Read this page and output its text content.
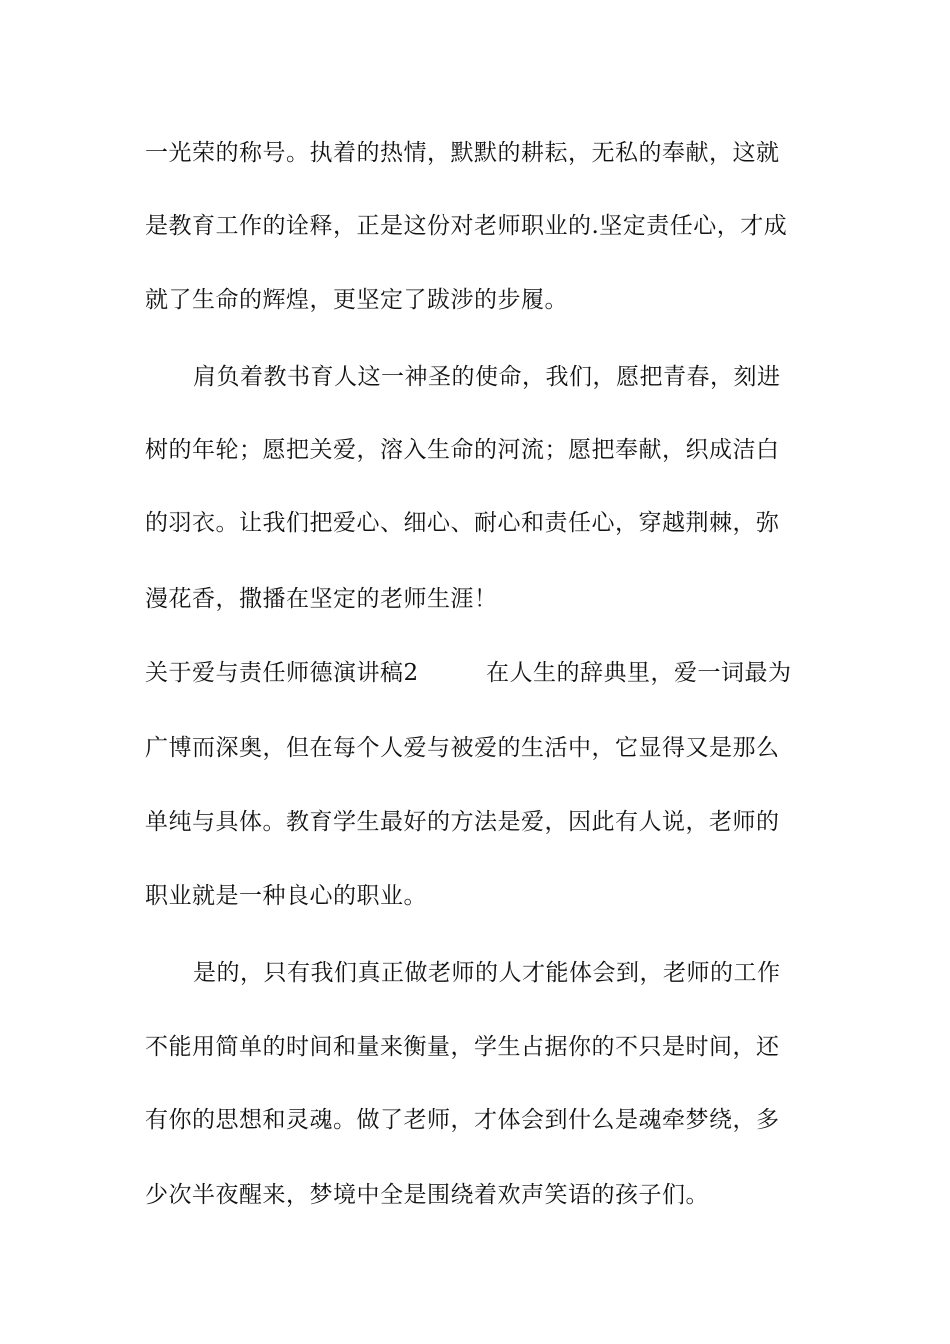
一光荣的称号。执着的热情，默默的耕耘，无私的奉献，这就
是教育工作的诠释，正是这份对老师职业的.坚定责任心，才成
就了生命的辉煌，更坚定了跋涉的步履。
肩负着教书育人这一神圣的使命，我们，愿把青春，刻进
树的年轮；愿把关爱，溶入生命的河流；愿把奉献，织成洁白
的羽衣。让我们把爱心、细心、耐心和责任心，穿越荆棘，弥
漫花香，撒播在坚定的老师生涯！
关于爱与责任师德演讲稿2	在人生的辞典里，爱一词最为
广博而深奥，但在每个人爱与被爱的生活中，它显得又是那么
单纯与具体。教育学生最好的方法是爱，因此有人说，老师的
职业就是一种良心的职业。
是的，只有我们真正做老师的人才能体会到，老师的工作
不能用简单的时间和量来衡量，学生占据你的不只是时间，还
有你的思想和灵魂。做了老师，才体会到什么是魂牵梦绕，多
少次半夜醒来，梦境中全是围绕着欢声笑语的孩子们。
